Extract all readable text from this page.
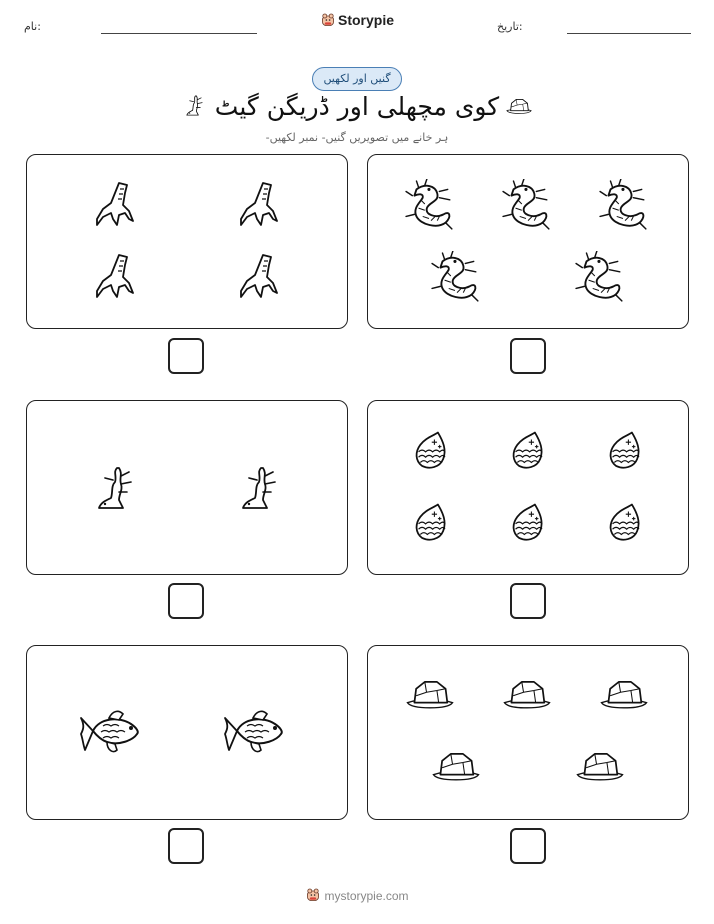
نام:	Storypie	تاریخ:
گنیں اور لکھیں
کوی مچھلی اور ڈریگن گیٹ
ہر خانے میں تصویریں گنیں- نمبر لکھیں-
mystorypie.com
